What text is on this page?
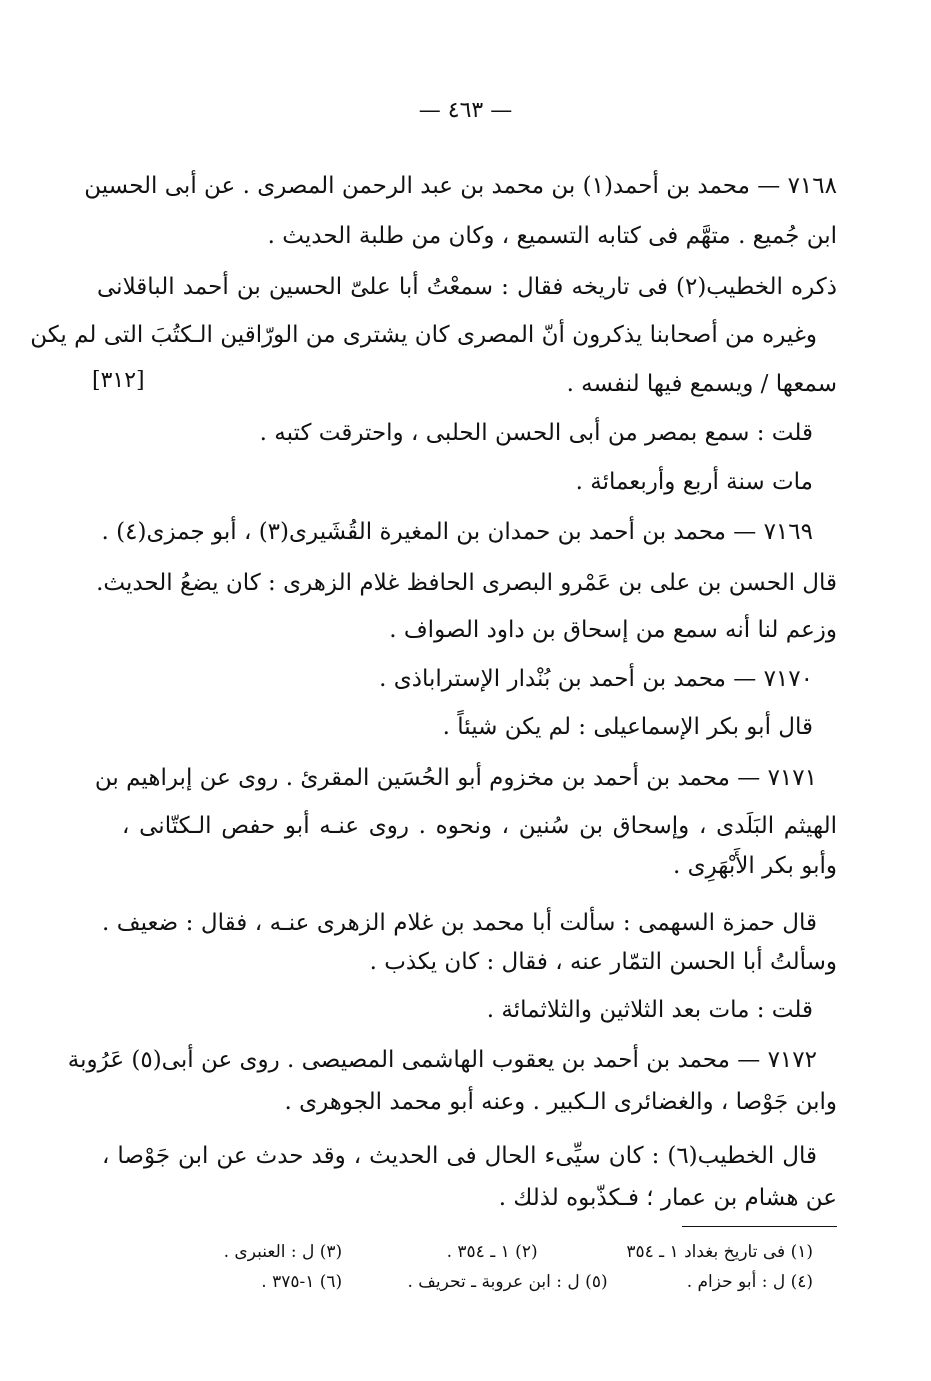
— ٤٦٣ —
[٣١٢]
٧١٦٨ — محمد بن أحمد(١) بن محمد بن عبد الرحمن المصرى . عن أبى الحسين
ابن جُميع . متهَّم فى كتابه التسميع ، وكان من طلبة الحديث .
ذكره الخطيب(٢) فى تاريخه فقال : سمعْتُ أبا علىّ الحسين بن أحمد الباقلانى
وغيره من أصحابنا يذكرون أنّ المصرى كان يشترى من الورّاقين الـكتُبَ التى لم يكن
سمعها / ويسمع فيها لنفسه .
قلت : سمع بمصر من أبى الحسن الحلبى ، واحترقت كتبه .
مات سنة أربع وأربعمائة .
٧١٦٩ — محمد بن أحمد بن حمدان بن المغيرة القُشَيرى(٣) ، أبو جمزى(٤) .
قال الحسن بن على بن عَمْرو البصرى الحافظ غلام الزهرى : كان يضعُ الحديث.
وزعم لنا أنه سمع من إسحاق بن داود الصواف .
٧١٧٠ — محمد بن أحمد بن بُنْدار الإستراباذى .
قال أبو بكر الإسماعيلى : لم يكن شيئاً .
٧١٧١ — محمد بن أحمد بن مخزوم أبو الحُسَين المقرئ . روى عن إبراهيم بن
الهيثم البَلَدى ، وإسحاق بن سُنين ، ونحوه . روى عنـه أبو حفص الـكتّانى ،
وأبو بكر الأَبْهَرِى .
قال حمزة السهمى : سألت أبا محمد بن غلام الزهرى عنـه ، فقال : ضعيف .
وسألتُ أبا الحسن التمّار عنه ، فقال : كان يكذب .
قلت : مات بعد الثلاثين والثلاثمائة .
٧١٧٢ — محمد بن أحمد بن يعقوب الهاشمى المصيصى . روى عن أبى(٥) عَرُوبة
وابن جَوْصا ، والغضائرى الـكبير . وعنه أبو محمد الجوهرى .
قال الخطيب(٦) : كان سيِّىء الحال فى الحديث ، وقد حدث عن ابن جَوْصا ،
عن هشام بن عمار ؛ فـكذّبوه لذلك .
(١) فى تاريخ بغداد ١ ـ ٣٥٤ (٢) ١ ـ ٣٥٤ . (٣) ل : العنبرى .
(٤) ل : أبو حزام . (٥) ل : ابن عروبة ـ تحريف . (٦) ١-٣٧٥ .
